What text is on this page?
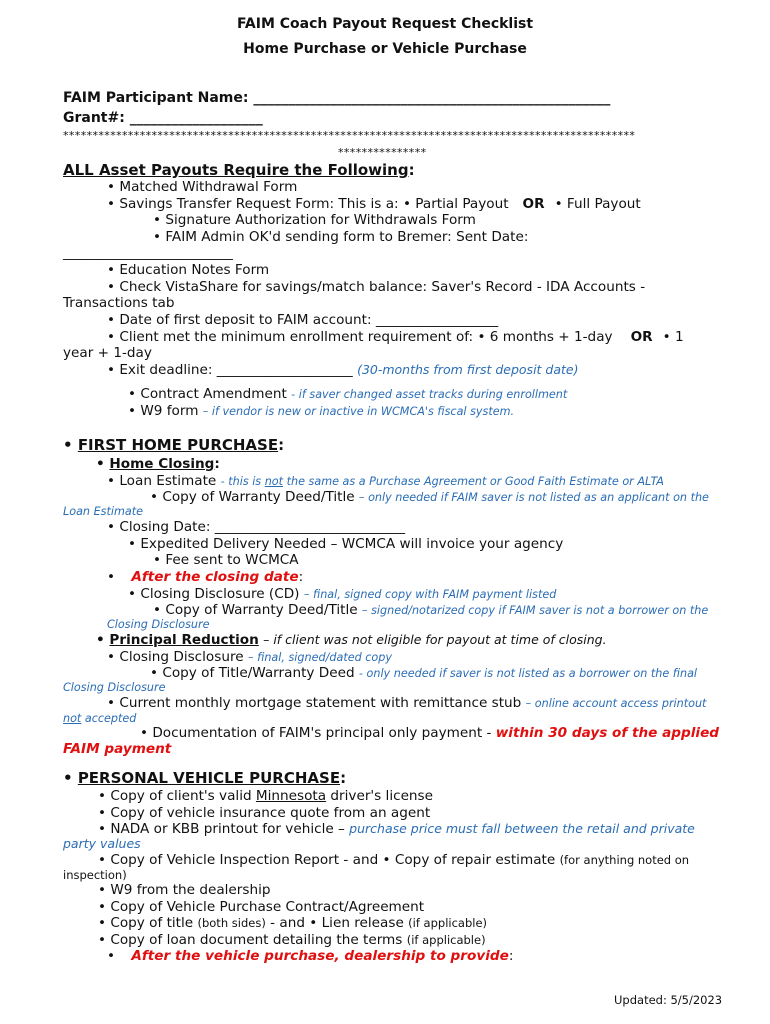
FAIM Coach Payout Request Checklist
Home Purchase or Vehicle Purchase
FAIM Participant Name: ___________________________________________________
Grant#: ___________________
*************************************************************************************************
***************
ALL Asset Payouts Require the Following:
• Matched Withdrawal Form
• Savings Transfer Request Form: This is a: • Partial Payout OR • Full Payout
• Signature Authorization for Withdrawals Form
• FAIM Admin OK'd sending form to Bremer: Sent Date:
_________________________
• Education Notes Form
• Check VistaShare for savings/match balance: Saver's Record - IDA Accounts -
Transactions tab
• Date of first deposit to FAIM account: __________________
• Client met the minimum enrollment requirement of: • 6 months + 1-day OR • 1
year + 1-day
• Exit deadline: ____________________ (30-months from first deposit date)
• Contract Amendment - if saver changed asset tracks during enrollment
• W9 form – if vendor is new or inactive in WCMCA's fiscal system.
• FIRST HOME PURCHASE:
• Home Closing:
• Loan Estimate - this is not the same as a Purchase Agreement or Good Faith Estimate or ALTA
• Copy of Warranty Deed/Title – only needed if FAIM saver is not listed as an applicant on the
Loan Estimate
• Closing Date: ____________________________
• Expedited Delivery Needed – WCMCA will invoice your agency
• Fee sent to WCMCA
• After the closing date:
• Closing Disclosure (CD) – final, signed copy with FAIM payment listed
• Copy of Warranty Deed/Title – signed/notarized copy if FAIM saver is not a borrower on the
Closing Disclosure
• Principal Reduction – if client was not eligible for payout at time of closing.
• Closing Disclosure – final, signed/dated copy
• Copy of Title/Warranty Deed - only needed if saver is not listed as a borrower on the final
Closing Disclosure
• Current monthly mortgage statement with remittance stub – online account access printout
not accepted
• Documentation of FAIM's principal only payment - within 30 days of the applied
FAIM payment
• PERSONAL VEHICLE PURCHASE:
• Copy of client's valid Minnesota driver's license
• Copy of vehicle insurance quote from an agent
• NADA or KBB printout for vehicle – purchase price must fall between the retail and private
party values
• Copy of Vehicle Inspection Report - and • Copy of repair estimate (for anything noted on
inspection)
• W9 from the dealership
• Copy of Vehicle Purchase Contract/Agreement
• Copy of title (both sides) - and • Lien release (if applicable)
• Copy of loan document detailing the terms (if applicable)
• After the vehicle purchase, dealership to provide:
Updated: 5/5/2023
